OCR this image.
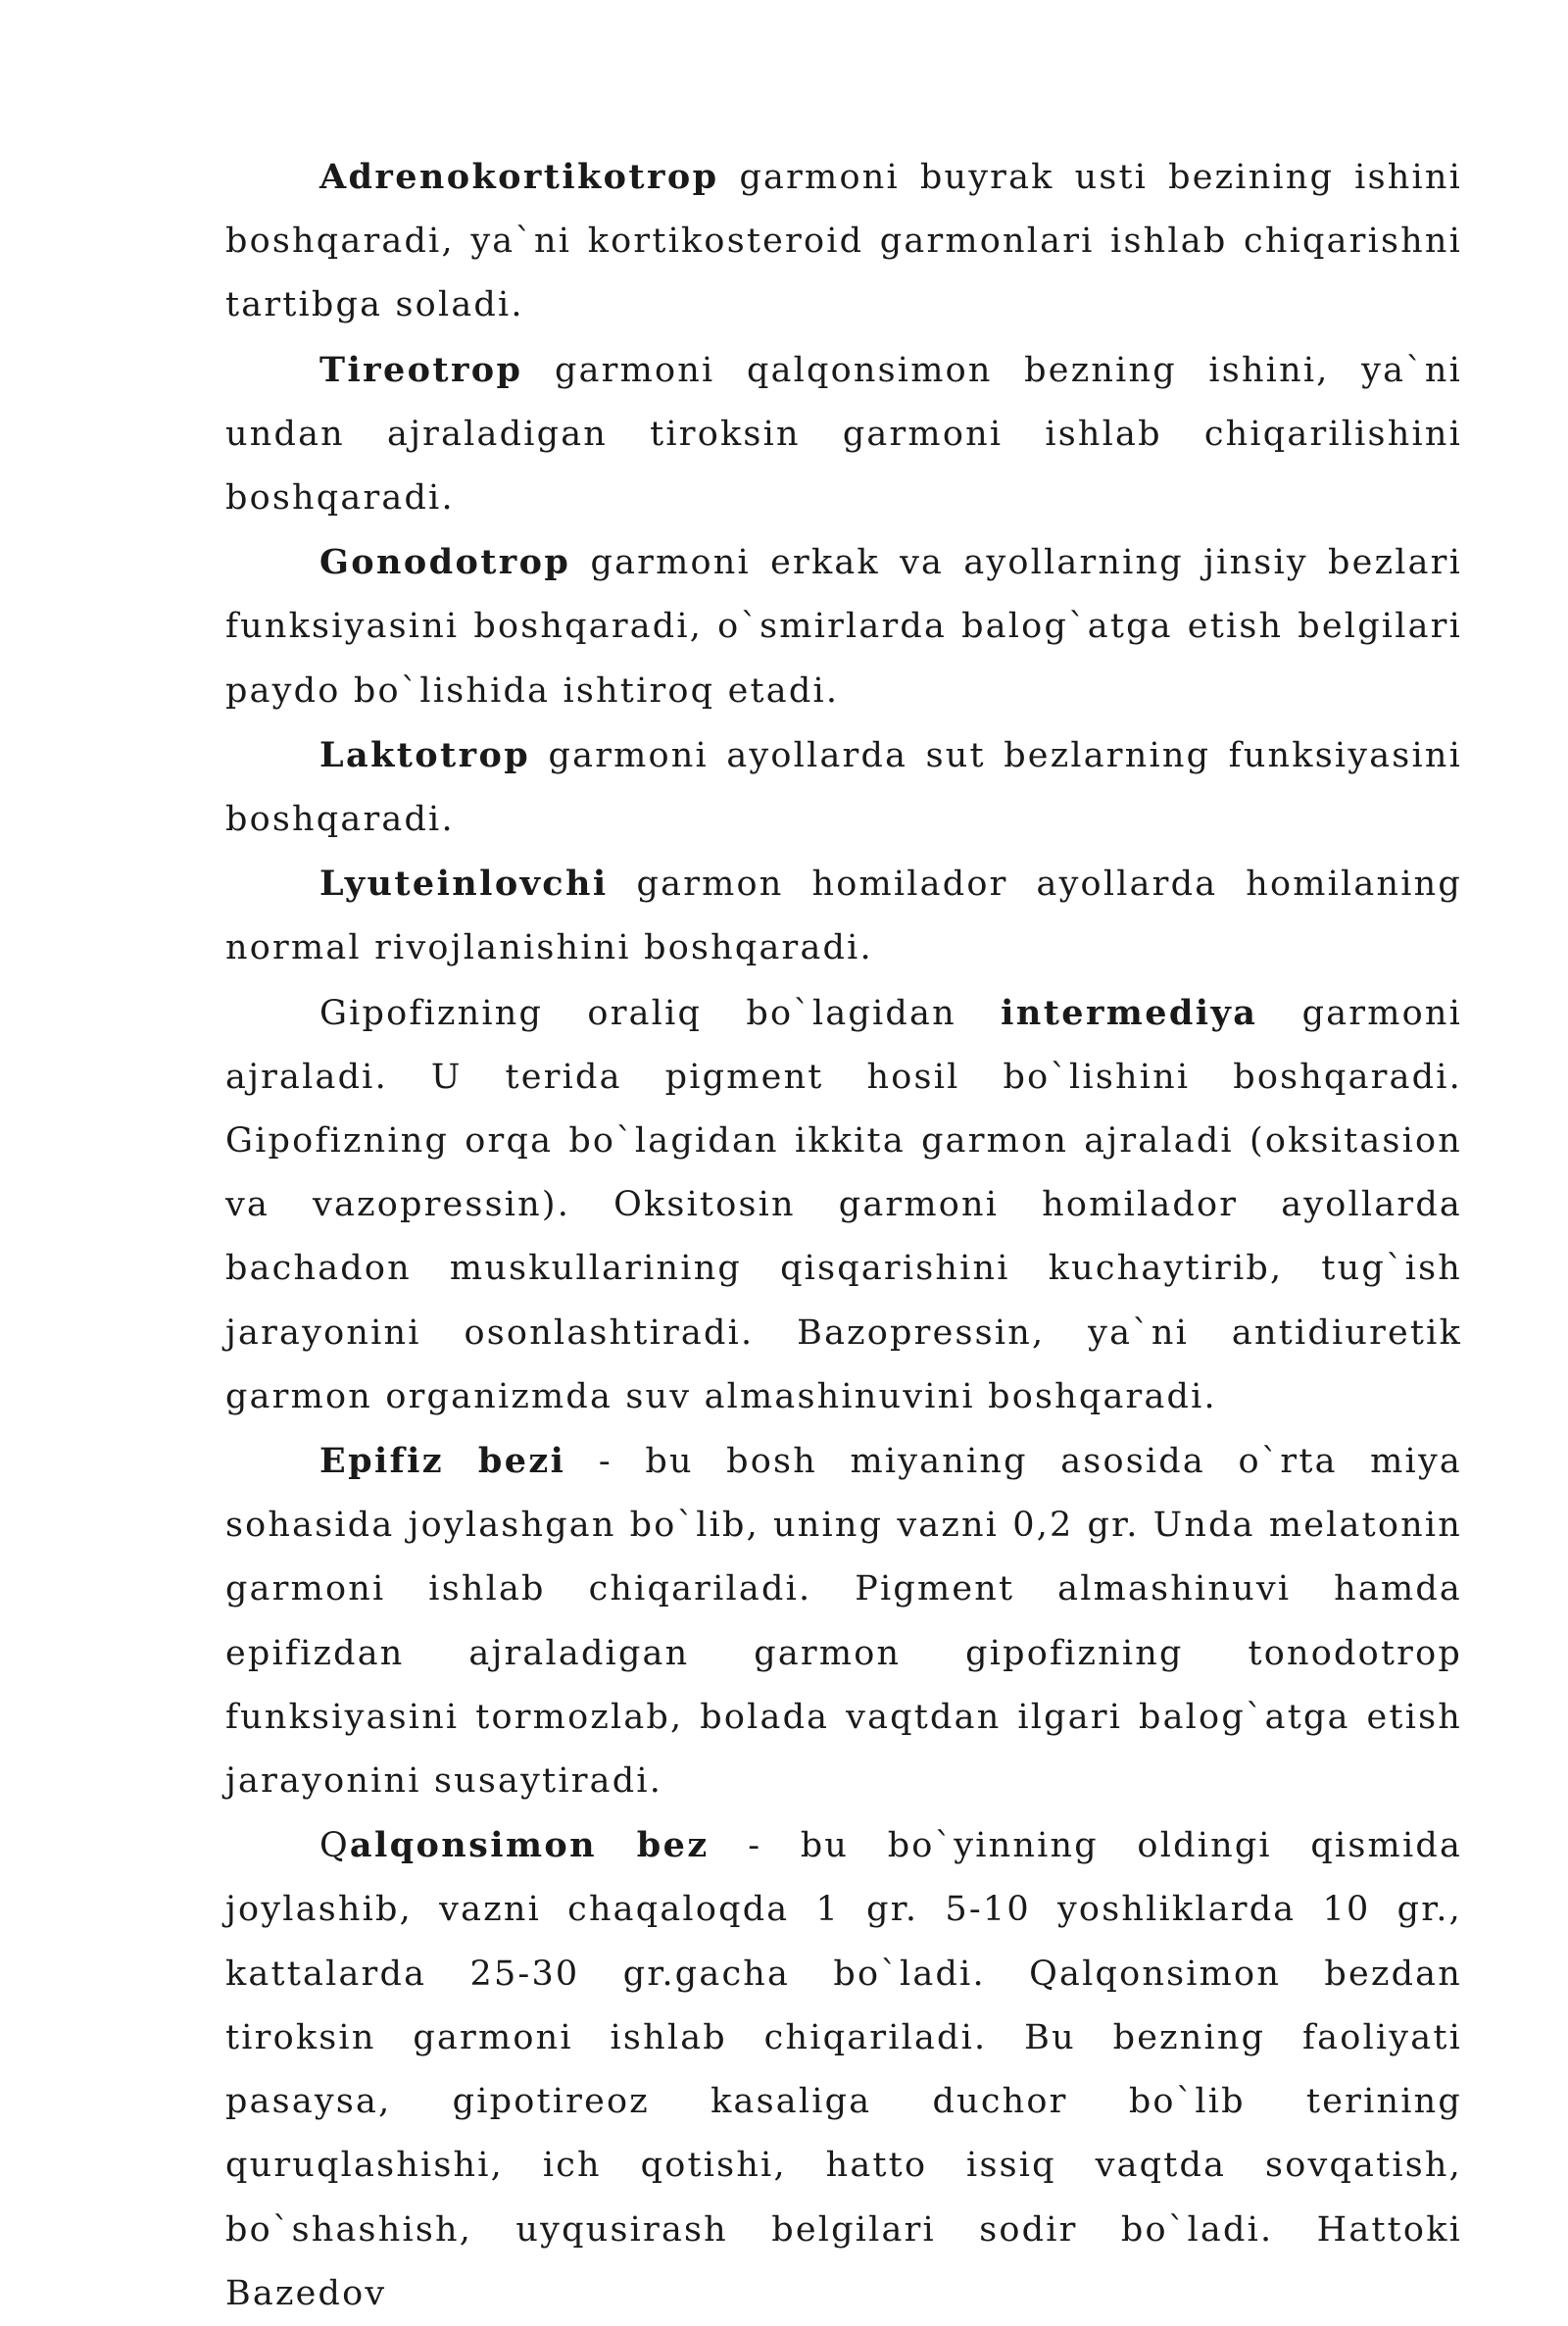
Adrenokortikotrop garmoni buyrak usti bezining ishini boshqaradi, ya`ni kortikosteroid garmonlari ishlab chiqarishni tartibga soladi.

Tireotrop garmoni qalqonsimon bezning ishini, ya`ni undan ajraladigan tiroksin garmoni ishlab chiqarilishini boshqaradi.

Gonodotrop garmoni erkak va ayollarning jinsiy bezlari funksiyasini boshqaradi, o`smirlarda balog`atga etish belgilari paydo bo`lishida ishtiroq etadi.

Laktotrop garmoni ayollarda sut bezlarning funksiyasini boshqaradi.

Lyuteinlovchi garmon homilador ayollarda homilaning normal rivojlanishini boshqaradi.

Gipofizning oraliq bo`lagidan intermediya garmoni ajraladi. U terida pigment hosil bo`lishini boshqaradi. Gipofizning orqa bo`lagidan ikkita garmon ajraladi (oksitasion va vazopressin). Oksitosin garmoni homilador ayollarda bachadon muskullarining qisqarishini kuchaytirib, tug`ish jarayonini osonlashtiradi. Bazopressin, ya`ni antidiuretik garmon organizmda suv almashinuvini boshqaradi.

Epifiz bezi - bu bosh miyaning asosida o`rta miya sohasida joylashgan bo`lib, uning vazni 0,2 gr. Unda melatonin garmoni ishlab chiqariladi. Pigment almashinuvi hamda epifizdan ajraladigan garmon gipofizning tonodotrop funksiyasini tormozlab, bolada vaqtdan ilgari balog`atga etish jarayonini susaytiradi.

Qalqonsimon bez - bu bo`yinning oldingi qismida joylashib, vazni chaqaloqda 1 gr. 5-10 yoshliklarda 10 gr., kattalarda 25-30 gr.gacha bo`ladi. Qalqonsimon bezdan tiroksin garmoni ishlab chiqariladi. Bu bezning faoliyati pasaysa, gipotireoz kasaliga duchor bo`lib terining quruqlashishi, ich qotishi, hatto issiq vaqtda sovqatish, bo`shashish, uyqusirash belgilari sodir bo`ladi. Hattoki Bazedov
